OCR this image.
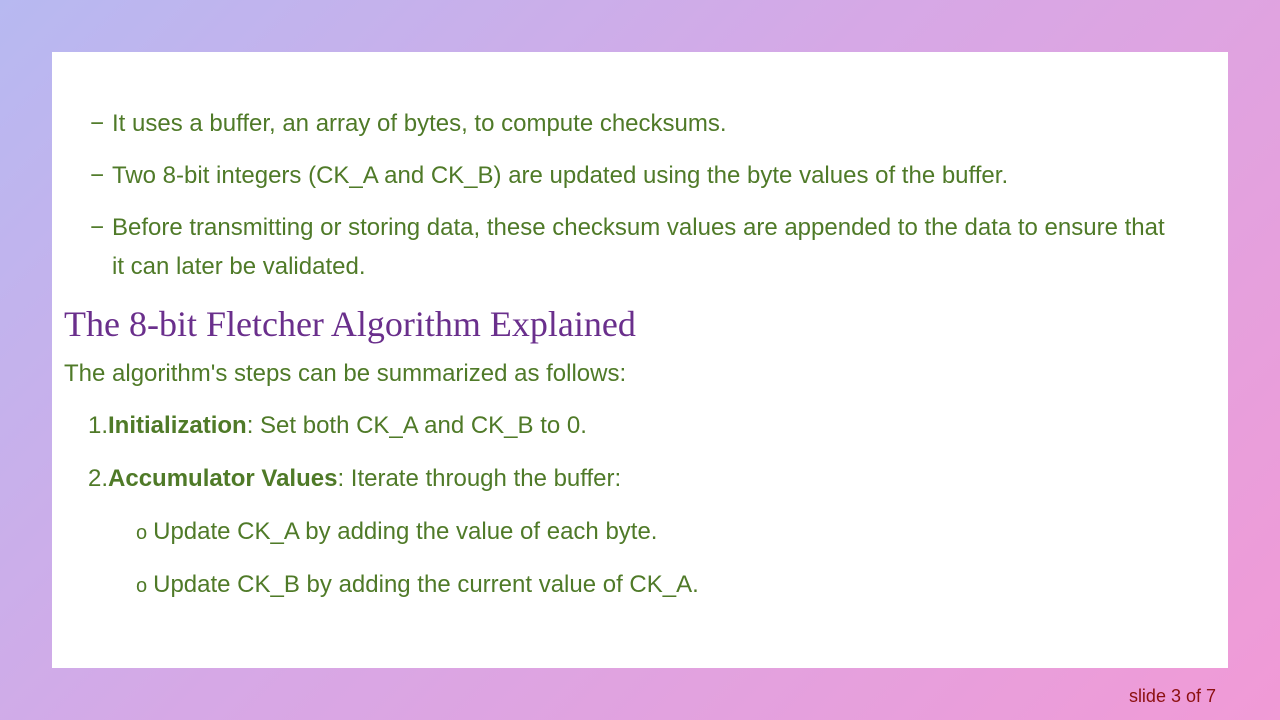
− It uses a buffer, an array of bytes, to compute checksums.
− Two 8-bit integers (CK_A and CK_B) are updated using the byte values of the buffer.
− Before transmitting or storing data, these checksum values are appended to the data to ensure that it can later be validated.
The 8-bit Fletcher Algorithm Explained
The algorithm's steps can be summarized as follows:
1.Initialization: Set both CK_A and CK_B to 0.
2.Accumulator Values: Iterate through the buffer:
o Update CK_A by adding the value of each byte.
o Update CK_B by adding the current value of CK_A.
slide 3 of 7
